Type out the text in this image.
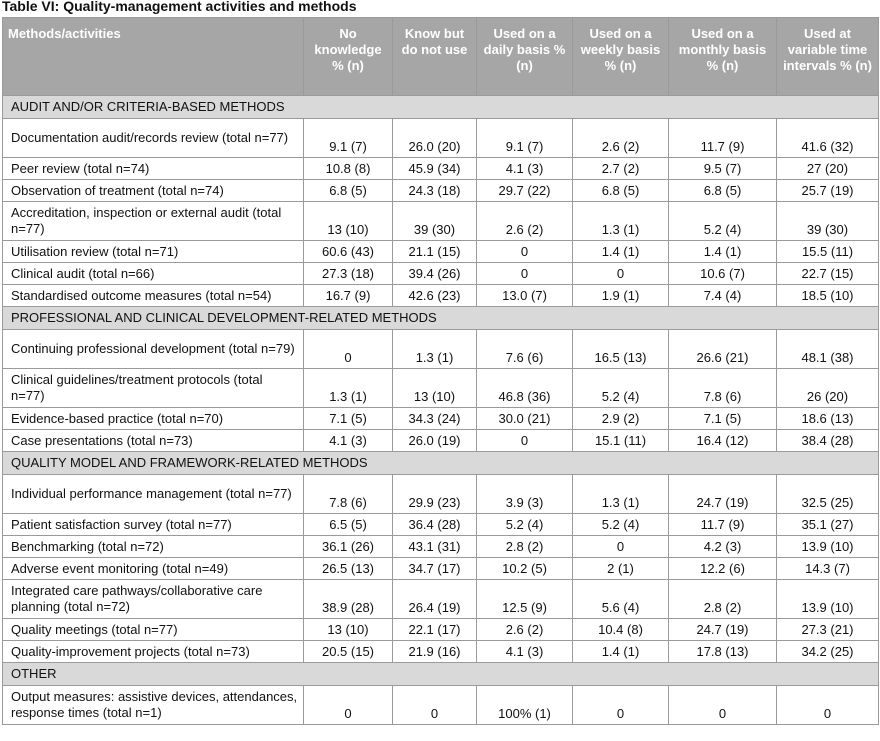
Table VI: Quality-management activities and methods
Methods/activities	No knowledge % (n)	Know but do not use	Used on a daily basis % (n)	Used on a weekly basis % (n)	Used on a monthly basis % (n)	Used at variable time intervals % (n)
AUDIT AND/OR CRITERIA-BASED METHODS						
Documentation audit/records review (total n=77)	9.1 (7)	26.0 (20)	9.1 (7)	2.6 (2)	11.7 (9)	41.6 (32)
Peer review (total n=74)	10.8 (8)	45.9 (34)	4.1 (3)	2.7 (2)	9.5 (7)	27 (20)
Observation of treatment (total n=74)	6.8 (5)	24.3 (18)	29.7 (22)	6.8 (5)	6.8 (5)	25.7 (19)
Accreditation, inspection or external audit (total n=77)	13 (10)	39 (30)	2.6 (2)	1.3 (1)	5.2 (4)	39 (30)
Utilisation review (total n=71)	60.6 (43)	21.1 (15)	0	1.4 (1)	1.4 (1)	15.5 (11)
Clinical audit (total n=66)	27.3 (18)	39.4 (26)	0	0	10.6 (7)	22.7 (15)
Standardised outcome measures (total n=54)	16.7 (9)	42.6 (23)	13.0 (7)	1.9 (1)	7.4 (4)	18.5 (10)
PROFESSIONAL AND CLINICAL DEVELOPMENT-RELATED METHODS						
Continuing professional development (total n=79)	0	1.3 (1)	7.6 (6)	16.5 (13)	26.6 (21)	48.1 (38)
Clinical guidelines/treatment protocols (total n=77)	1.3 (1)	13 (10)	46.8 (36)	5.2 (4)	7.8 (6)	26 (20)
Evidence-based practice (total n=70)	7.1 (5)	34.3 (24)	30.0 (21)	2.9 (2)	7.1 (5)	18.6 (13)
Case presentations (total n=73)	4.1 (3)	26.0 (19)	0	15.1 (11)	16.4 (12)	38.4 (28)
QUALITY MODEL AND FRAMEWORK-RELATED METHODS						
Individual performance management (total n=77)	7.8 (6)	29.9 (23)	3.9 (3)	1.3 (1)	24.7 (19)	32.5 (25)
Patient satisfaction survey (total n=77)	6.5 (5)	36.4 (28)	5.2 (4)	5.2 (4)	11.7 (9)	35.1 (27)
Benchmarking (total n=72)	36.1 (26)	43.1 (31)	2.8 (2)	0	4.2 (3)	13.9 (10)
Adverse event monitoring (total n=49)	26.5 (13)	34.7 (17)	10.2 (5)	2 (1)	12.2 (6)	14.3 (7)
Integrated care pathways/collaborative care planning (total n=72)	38.9 (28)	26.4 (19)	12.5 (9)	5.6 (4)	2.8 (2)	13.9 (10)
Quality meetings (total n=77)	13 (10)	22.1 (17)	2.6 (2)	10.4 (8)	24.7 (19)	27.3 (21)
Quality-improvement projects (total n=73)	20.5 (15)	21.9 (16)	4.1 (3)	1.4 (1)	17.8 (13)	34.2 (25)
OTHER						
Output measures: assistive devices, attendances, response times (total n=1)	0	0	100% (1)	0	0	0
